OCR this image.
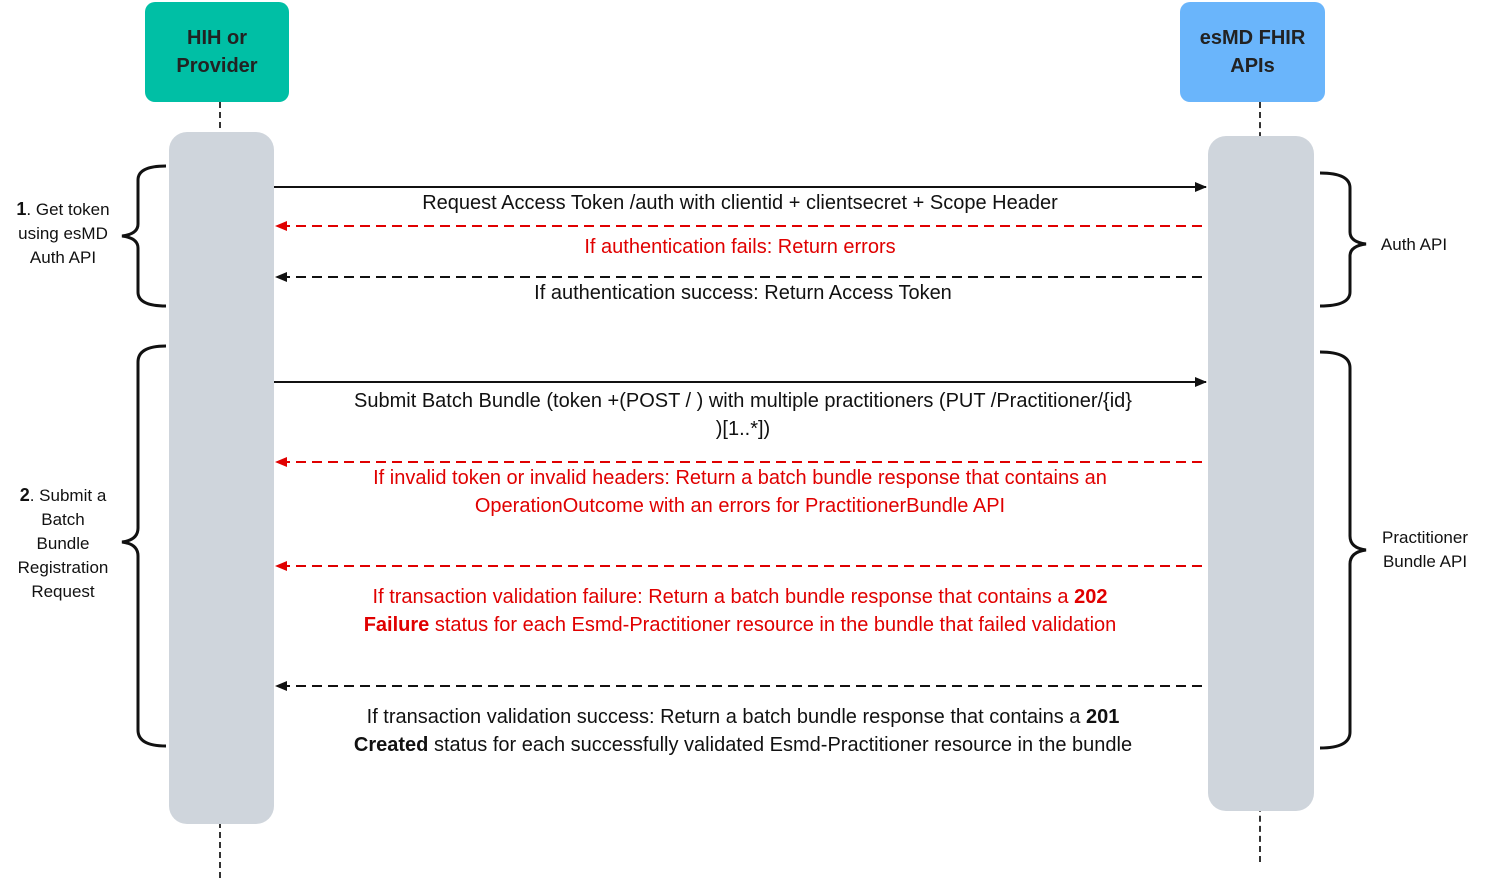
HIH or
Provider
esMD FHIR
APIs
Request Access Token /auth with clientid + clientsecret + Scope Header
If authentication fails: Return errors
If authentication success: Return Access Token
Submit Batch Bundle (token +(POST / ) with multiple practitioners (PUT /Practitioner/{id}
)[1..*])
If invalid token or invalid headers: Return a batch bundle response that contains an
OperationOutcome with an errors for PractitionerBundle API
If transaction validation failure: Return a batch bundle response that contains a 202
Failure status for each Esmd-Practitioner resource in the bundle that failed validation
If transaction validation success: Return a batch bundle response that contains a 201
Created status for each successfully validated Esmd-Practitioner resource in the bundle
1. Get token
using esMD
Auth API
2. Submit a
Batch
Bundle
Registration
Request
Auth API
Practitioner
Bundle API
